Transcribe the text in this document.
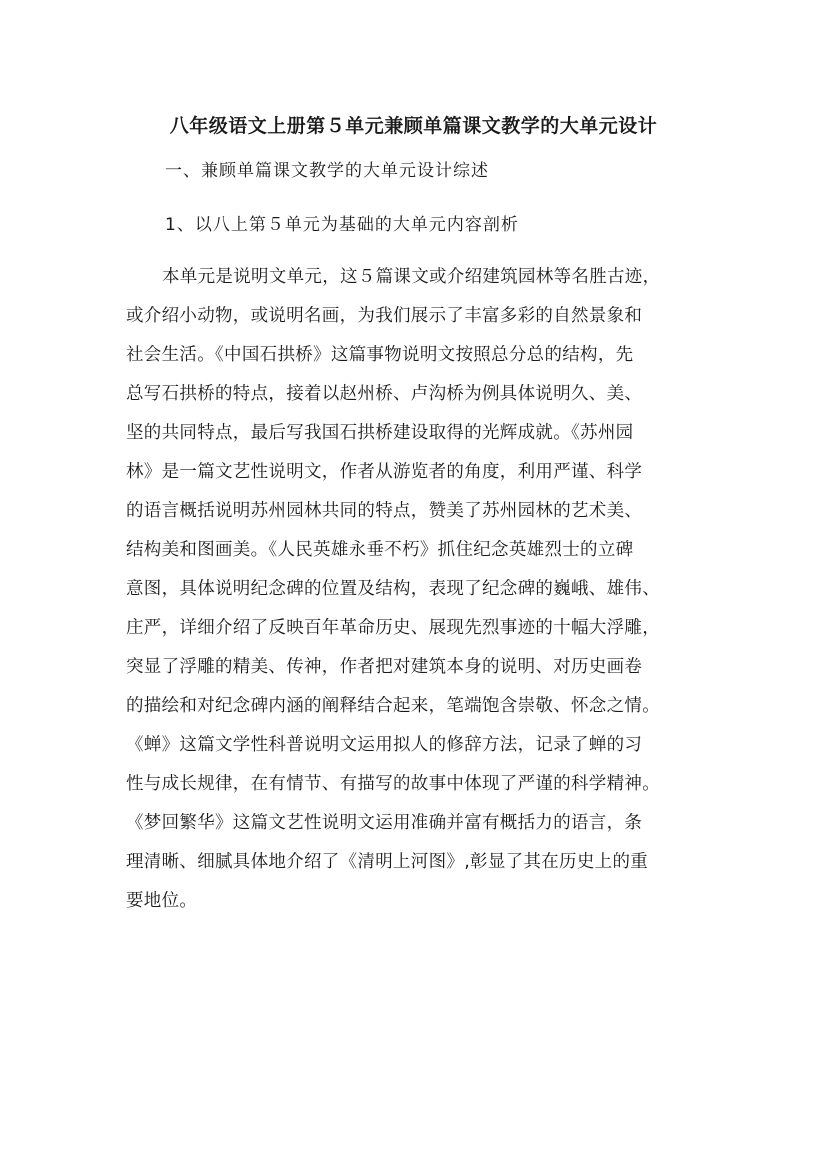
八年级语文上册第５单元兼顾单篇课文教学的大单元设计
一、兼顾单篇课文教学的大单元设计综述
1、以八上第５单元为基础的大单元内容剖析
本单元是说明文单元，这５篇课文或介绍建筑园林等名胜古迹，
或介绍小动物，或说明名画，为我们展示了丰富多彩的自然景象和
社会生活。《中国石拱桥》这篇事物说明文按照总分总的结构，先
总写石拱桥的特点，接着以赵州桥、卢沟桥为例具体说明久、美、
坚的共同特点，最后写我国石拱桥建设取得的光辉成就。《苏州园
林》是一篇文艺性说明文，作者从游览者的角度，利用严谨、科学
的语言概括说明苏州园林共同的特点，赞美了苏州园林的艺术美、
结构美和图画美。《人民英雄永垂不朽》抓住纪念英雄烈士的立碑
意图，具体说明纪念碑的位置及结构，表现了纪念碑的巍峨、雄伟、
庄严，详细介绍了反映百年革命历史、展现先烈事迹的十幅大浮雕，
突显了浮雕的精美、传神，作者把对建筑本身的说明、对历史画卷
的描绘和对纪念碑内涵的阐释结合起来，笔端饱含崇敬、怀念之情。
《蝉》这篇文学性科普说明文运用拟人的修辞方法，记录了蝉的习
性与成长规律，在有情节、有描写的故事中体现了严谨的科学精神。
《梦回繁华》这篇文艺性说明文运用准确并富有概括力的语言，条
理清晰、细腻具体地介绍了《清明上河图》,彰显了其在历史上的重
要地位。
